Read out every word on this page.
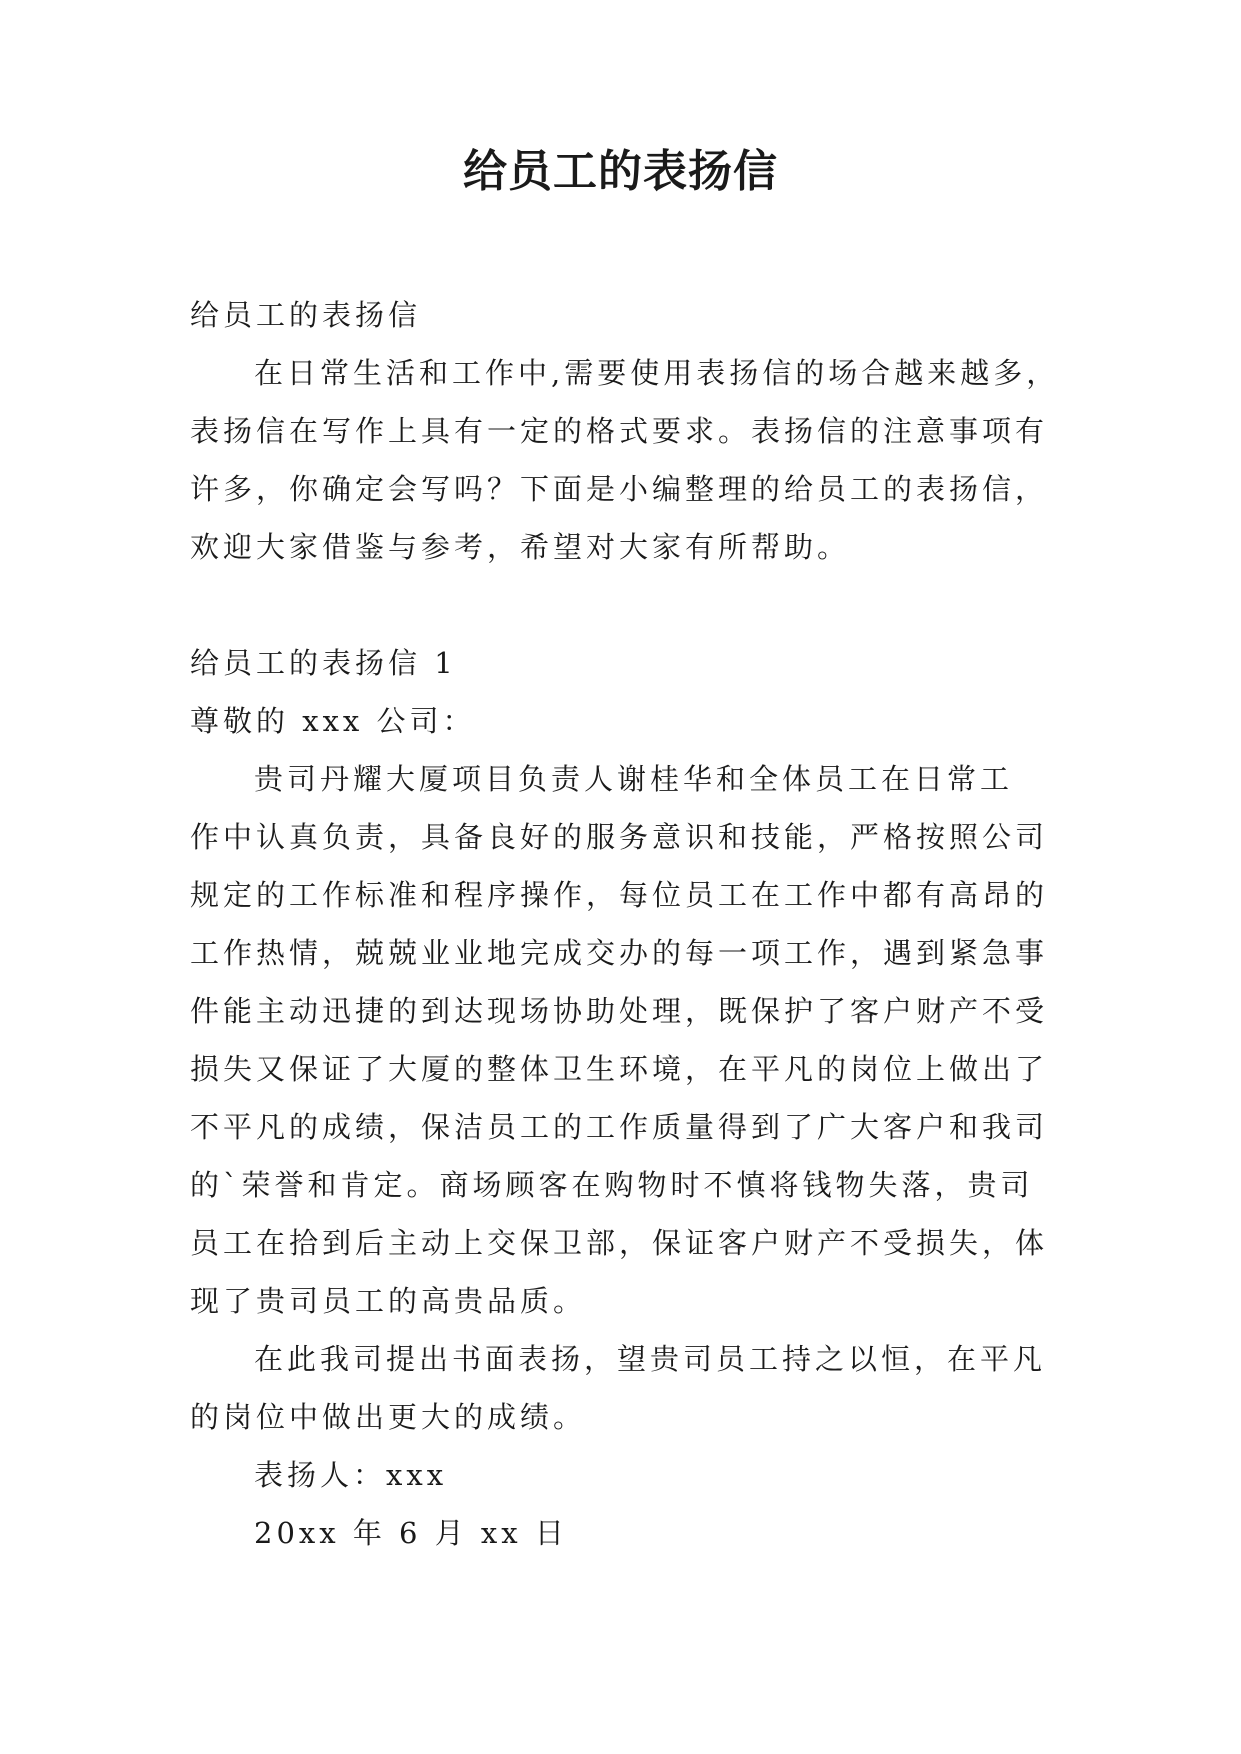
给员工的表扬信
给员工的表扬信
在日常生活和工作中,需要使用表扬信的场合越来越多，
表扬信在写作上具有一定的格式要求。表扬信的注意事项有
许多，你确定会写吗？下面是小编整理的给员工的表扬信，
欢迎大家借鉴与参考，希望对大家有所帮助。
给员工的表扬信 1
尊敬的 xxx 公司：
贵司丹耀大厦项目负责人谢桂华和全体员工在日常工
作中认真负责，具备良好的服务意识和技能，严格按照公司
规定的工作标准和程序操作，每位员工在工作中都有高昂的
工作热情，兢兢业业地完成交办的每一项工作，遇到紧急事
件能主动迅捷的到达现场协助处理，既保护了客户财产不受
损失又保证了大厦的整体卫生环境，在平凡的岗位上做出了
不平凡的成绩，保洁员工的工作质量得到了广大客户和我司
的`荣誉和肯定。商场顾客在购物时不慎将钱物失落，贵司
员工在拾到后主动上交保卫部，保证客户财产不受损失，体
现了贵司员工的高贵品质。
在此我司提出书面表扬，望贵司员工持之以恒，在平凡
的岗位中做出更大的成绩。
表扬人：xxx
20xx 年 6 月 xx 日
